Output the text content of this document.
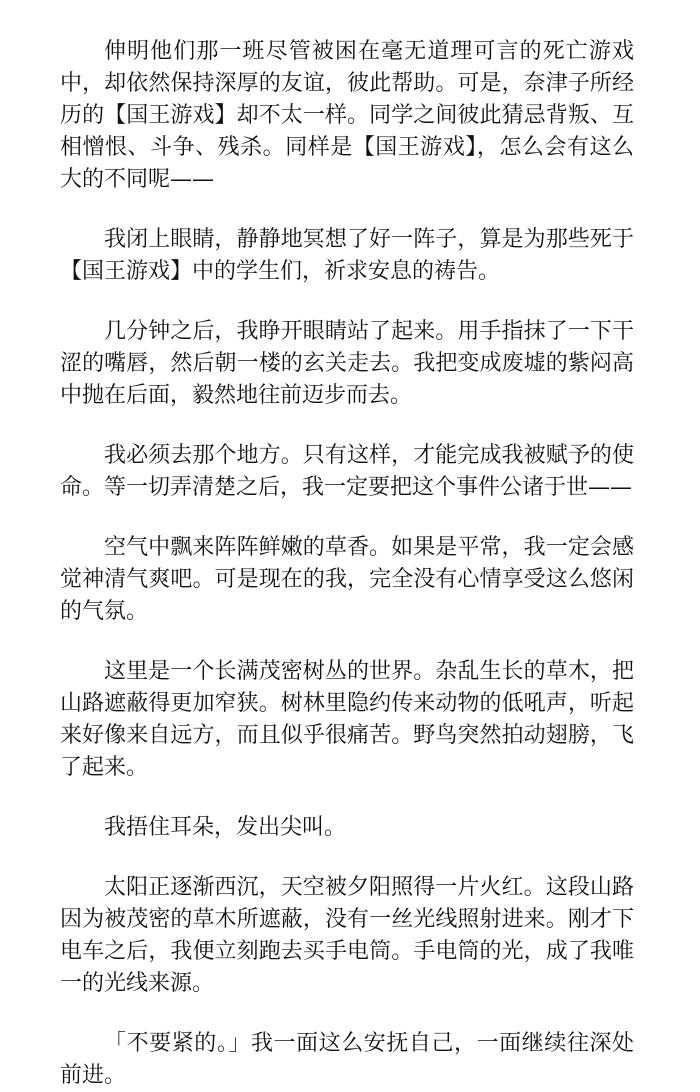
伸明他们那一班尽管被困在毫无道理可言的死亡游戏中，却依然保持深厚的友谊，彼此帮助。可是，奈津子所经历的【国王游戏】却不太一样。同学之间彼此猜忌背叛、互相憎恨、斗争、残杀。同样是【国王游戏】，怎么会有这么大的不同呢——

我闭上眼睛，静静地冥想了好一阵子，算是为那些死于【国王游戏】中的学生们，祈求安息的祷告。

几分钟之后，我睁开眼睛站了起来。用手指抹了一下干涩的嘴唇，然后朝一楼的玄关走去。我把变成废墟的紫闷高中抛在后面，毅然地往前迈步而去。

我必须去那个地方。只有这样，才能完成我被赋予的使命。等一切弄清楚之后，我一定要把这个事件公诸于世——

空气中飘来阵阵鲜嫩的草香。如果是平常，我一定会感觉神清气爽吧。可是现在的我，完全没有心情享受这么悠闲的气氛。

这里是一个长满茂密树丛的世界。杂乱生长的草木，把山路遮蔽得更加窄狭。树林里隐约传来动物的低吼声，听起来好像来自远方，而且似乎很痛苦。野鸟突然拍动翅膀，飞了起来。

我捂住耳朵，发出尖叫。

太阳正逐渐西沉，天空被夕阳照得一片火红。这段山路因为被茂密的草木所遮蔽，没有一丝光线照射进来。刚才下电车之后，我便立刻跑去买手电筒。手电筒的光，成了我唯一的光线来源。

「不要紧的。」我一面这么安抚自己，一面继续往深处前进。
